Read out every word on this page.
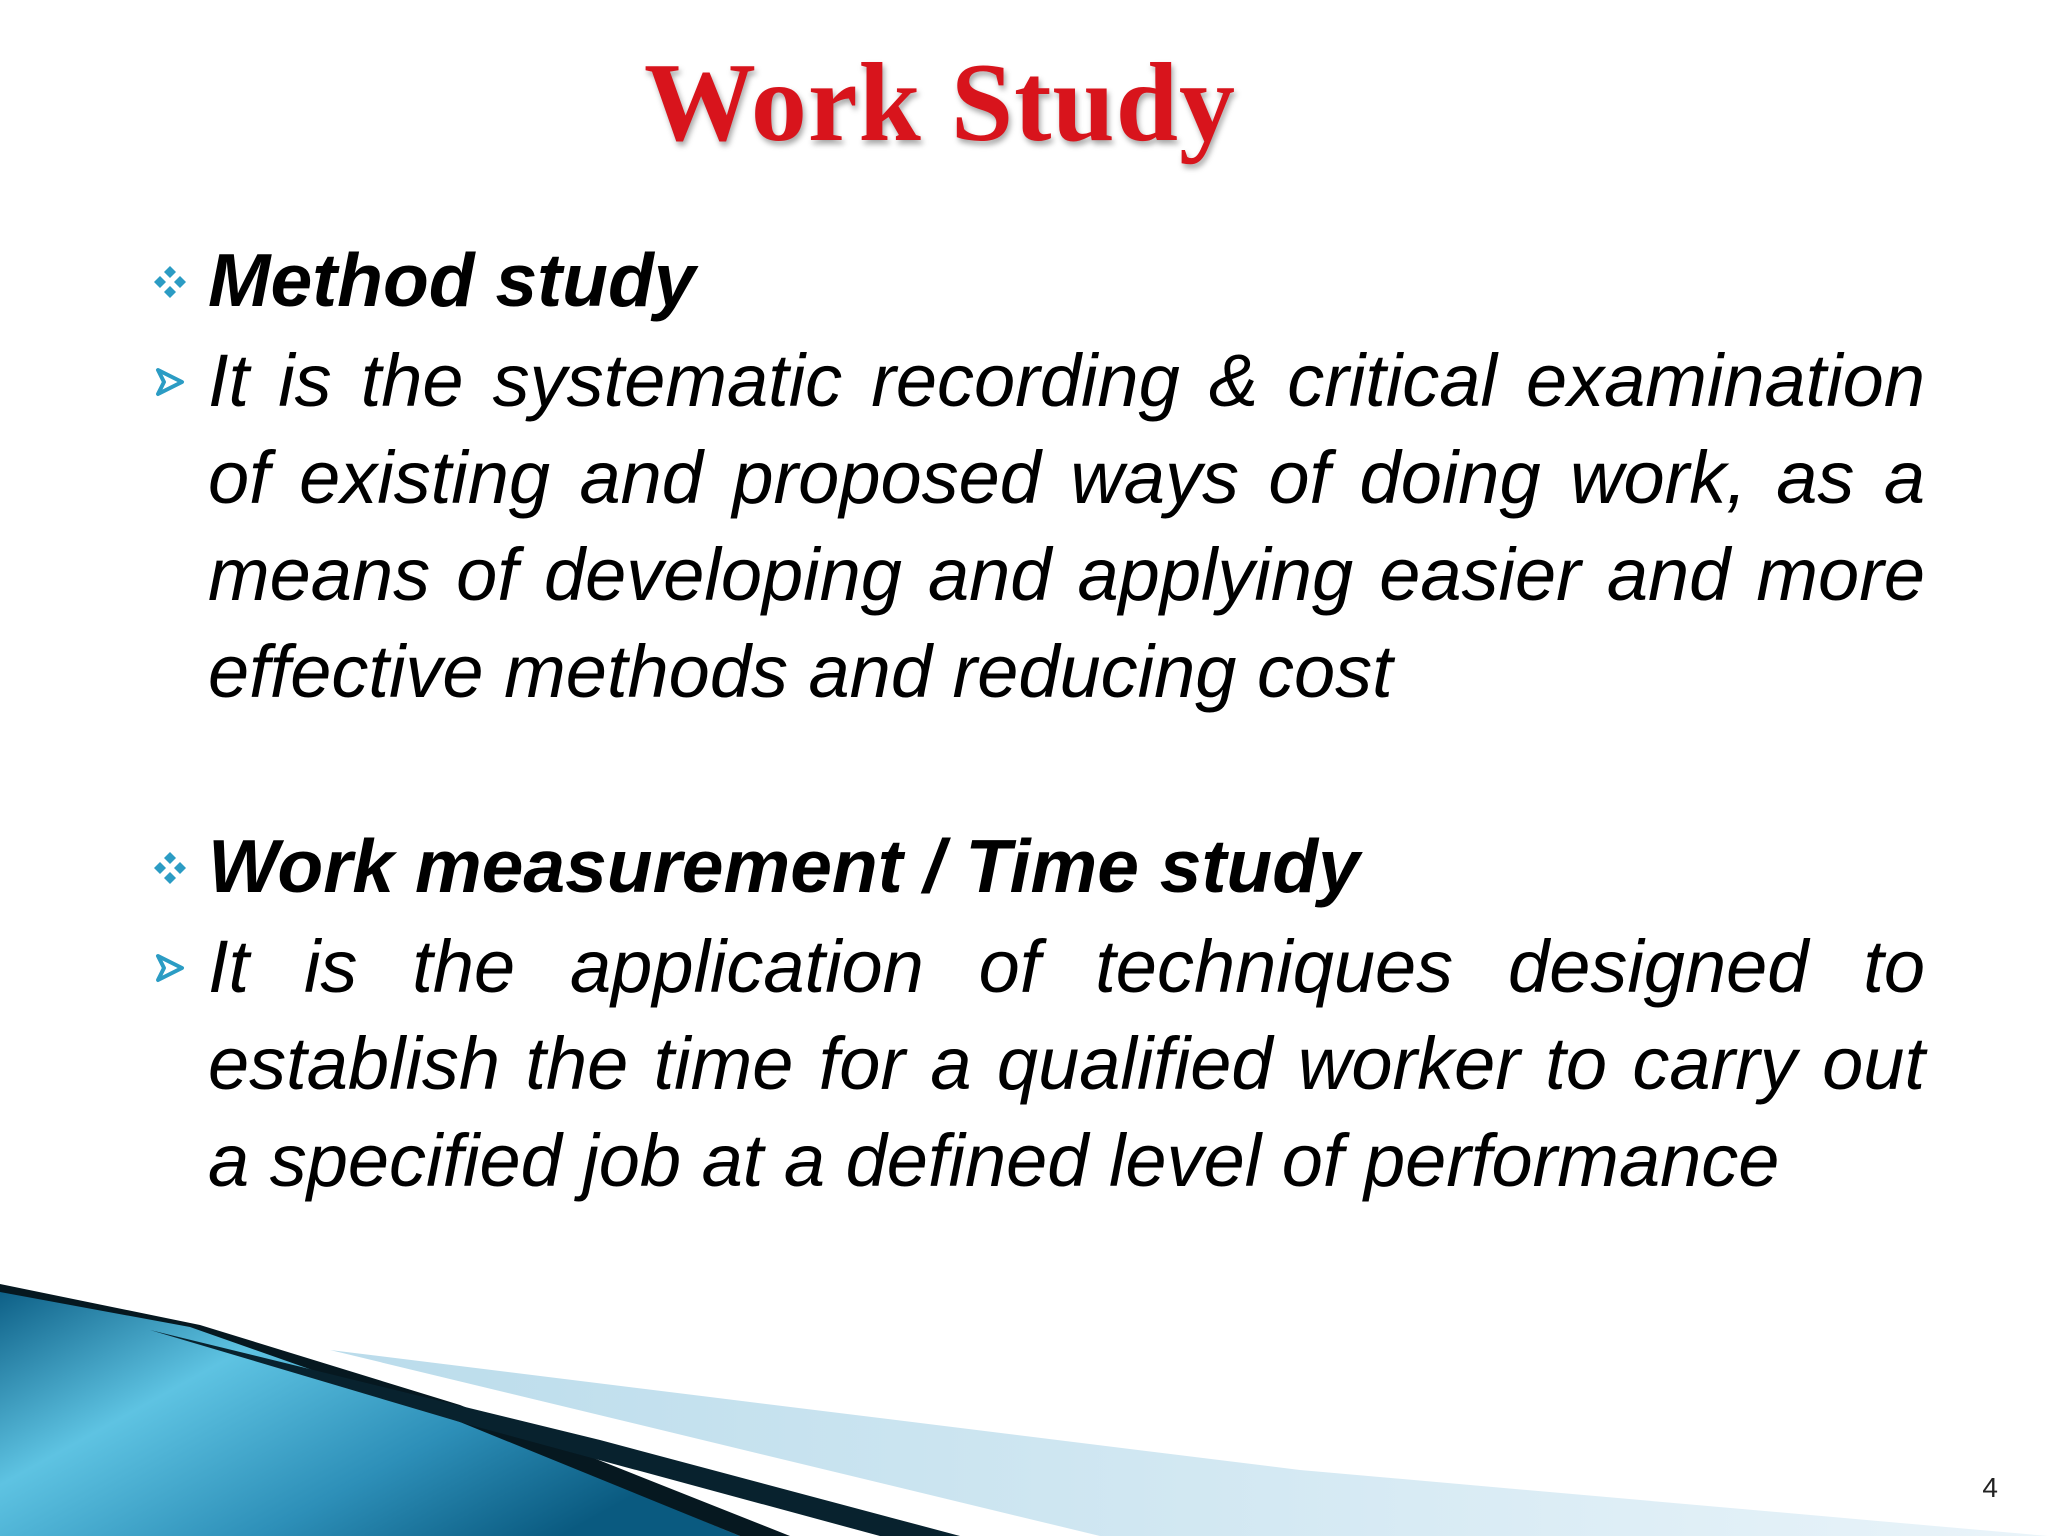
Work Study
Method study
It is the systematic recording & critical examination of existing and proposed ways of doing work, as a means of developing and applying easier and more effective methods and reducing cost
Work measurement / Time study
It is the application of techniques designed to establish the time for a qualified worker to carry out a specified job at a defined level of performance
4
